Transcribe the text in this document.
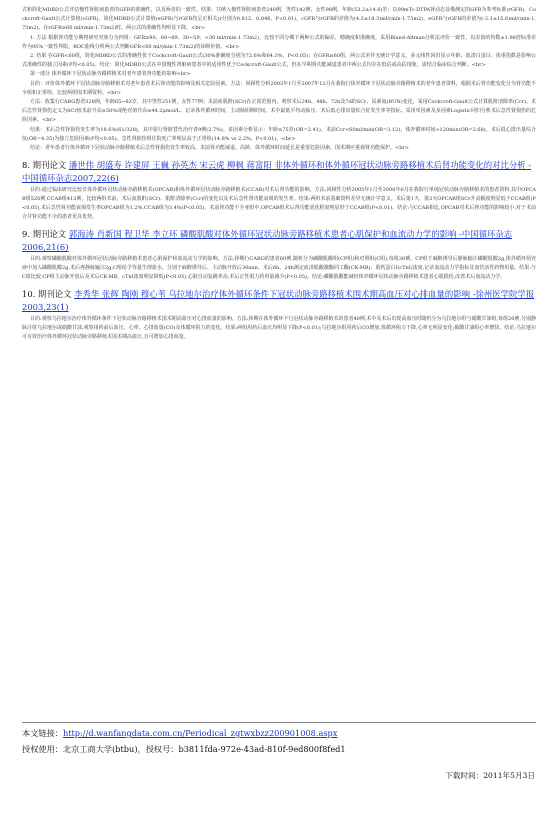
式和简化MDRD公式评估慢性肾脏病患者的GFR的准确性，以及两者的一致性。结果：共纳入慢性肾脏病患者240例，男性142例，女性98例，年龄(53.2±14.6)岁；以99mTc-DTPA肾动态显像测定的GFR为参考标准(rGFR)，Cockcroft-Gault公式计算值(cGFR)、简化MDRD公式计算值(eGFR)与rGFR均呈正相关(r分别为0.812、0.846，P<0.01)。cGFR与rGFR的差值为(4.2±18.3)ml/(min·1.73m2)，eGFR与rGFR的差值为(-2.1±15.6)ml/(min·1.73m2)。在rGFR≥60 ml/(min·1.73m2)时，两公式的准确性均明显下降。<br>

1. 方法 根据肾功能分期将研究对象分为四组：GFR≥90、60~89、30~59、<30 ml/(min·1.73m2)，比较不同分期下两种公式的偏差、精确度和准确度。采用Bland-Altman分析法评价一致性，以差值的均数±1.96倍标准差作为95%一致性界限。ROC曲线分析两公式判断GFR<60 ml/(min·1.73m2)的诊断价值。<br>

2. 结果 在GFR<60组，简化MDRD公式的准确性优于Cockcroft-Gault公式(30%准确度分别为72.6%和64.3%，P<0.05)；在GFR≥60组，两公式差异无统计学意义。多元线性回归显示年龄、血清白蛋白、体重指数是影响公式准确性的独立因素(P均<0.05)。结论：简化MDRD公式在中国慢性肾脏病患者中的适用性优于Cockcroft-Gault公式，但在早期肾功能减退患者中两公式均存在低估或高估现象，需结合临床综合判断。<br>

第一部分 体外循环下冠状动脉旁路移植术对老年患者肾功能的影响<br>

目的：评价体外循环下冠状动脉旁路移植术对老年患者术后肾功能的影响及相关危险因素。方法：回顾性分析2003年1月至2007年12月在我院行体外循环下冠状动脉旁路移植术的老年患者资料，根据术后肾功能变化分为肾功能不全组和正常组，比较两组围术期资料。<br>

方法：收集行CABG患者328例，年龄65~82岁，其中男性251例，女性77例；术前血肌酐(SCr)在正常范围内。观察术后24h、48h、72h及7d的SCr、尿素氮(BUN)变化，采用Cockcroft-Gault公式计算肌酐清除率(Ccr)。术后急性肾损伤定义为SCr较术前升高≥50%或绝对值升高≥44.2μmol/L。记录体外循环时间、主动脉阻断时间、术中最低平均动脉压、术后低心排出量综合征发生率等指标。采用单因素及多因素Logistic回归分析术后急性肾损伤的危险因素。<br>

结果：术后急性肾损伤发生率为18.6%(61/328)，其中需行肾脏替代治疗者9例(2.7%)。多因素分析显示：年龄≥75岁(OR=2.41)、术前Ccr<60ml/min(OR=3.12)、体外循环时间>120min(OR=2.68)、术后低心排出量综合征(OR=4.35)为独立危险因素(P均<0.05)。急性肾损伤组住院死亡率明显高于正常组(14.8% vs 2.2%，P<0.01)。<br>

结论：老年患者行体外循环下冠状动脉旁路移植术后急性肾损伤发生率较高，术前肾功能减退、高龄、体外循环时间延长是重要危险因素，围术期应重视肾功能保护。<br>

8. 期刊论文 潘世伟 胡盛寿 许建屏 王巍 孙英杰 宋云虎 柳枫 蒋富阳 非体外循环和体外循环冠状动脉旁路移植术后肾功能变化的对比分析 -中国循环杂志2007,22(6)

目的:通过临床研究比较非体外循环冠状动脉旁路移植术(OPCAB)和体外循环冠状动脉旁路移植术(CCAB)对术后肾功能的影响。方法:回顾性分析2005年1月至2006年6月在我院行单纯冠状动脉旁路移植术的患者资料,其中OPCAB组520例,CCAB组412例。比较两组术前、术后血肌酐(SCr)、肌酐清除率(Ccr)的变化以及术后急性肾功能衰竭的发生率。结果:两组术前基础资料差异无统计学意义。术后第1天、第3天OPCAB组SCr升高幅度明显低于CCAB组(P<0.05),术后急性肾功能衰竭发生率OPCAB组为1.2%,CCAB组为3.4%(P<0.05)。术前肾功能不全亚组中,OPCAB组术后肾功能恶化程度明显轻于CCAB组(P<0.01)。结论:与CCAB相比,OPCAB对术后肾功能的影响较小,对于术前合并肾功能不全的患者更具优势。

9. 期刊论文 郭海涛 肖新国 程卫华 李立环 磷酸肌酸对体外循环冠状动脉旁路移植术患者心肌保护和血流动力学的影响 -中国循环杂志2006,21(6)

目的:观察磷酸肌酸对体外循环冠状动脉旁路移植术患者心肌保护和血流动力学的影响。方法:择期行CABG的患者60例,随机分为磷酸肌酸组(CP组)和对照组(C组),每组30例。CP组于麻醉诱导后静脉输注磷酸肌酸2g,体外循环预充液中加入磷酸肌酸2g,术后再静脉输注2g;C组给予等量生理盐水。分别于麻醉诱导后、主动脉开放后30min、术后6h、24h测定血清肌酸激酶同工酶(CK-MB)、肌钙蛋白I(cTnI)浓度,记录血流动力学指标及血管活性药物用量。结果:与C组比较,CP组主动脉开放后及术后CK-MB、cTnI浓度明显降低(P<0.05),心脏自动复跳率高,术后正性肌力药用量减少(P<0.05)。结论:磷酸肌酸能减轻体外循环冠状动脉旁路移植术患者心肌损伤,改善术后血流动力学。

10. 期刊论文 李秀华 张辉 陶刚 穆心苇 乌拉地尔治疗体外循环条件下冠状动脉旁路移植术围术期高血压对心排血量的影响 -徐州医学院学报2003,23(1)

目的:观察乌拉地尔治疗体外循环条件下冠状动脉旁路移植术围术期高血压对心排血量的影响。方法:择期在体外循环下行冠状动脉旁路移植术的患者40例,术中及术后出现高血压时随机分为乌拉地尔组与硝酸甘油组,每组20例,分别静脉注射乌拉地尔或硝酸甘油,观察用药前后血压、心率、心排血量(CO)及体循环阻力的变化。结果:两组用药后血压均明显下降(P<0.01);乌拉地尔组用药后CO增加,体循环阻力下降,心率无明显变化;硝酸甘油组心率增快。结论:乌拉地尔可有效治疗体外循环冠状动脉旁路移植术围术期高血压,且可增加心排血量。

本文链接：http://d.wanfangdata.com.cn/Periodical_zgtwxbzz200901008.aspx
授权使用：北京工商大学(btbu)，授权号：b3811fda-972e-43ad-810f-9ed800f8fed1
下载时间：2011年5月3日
